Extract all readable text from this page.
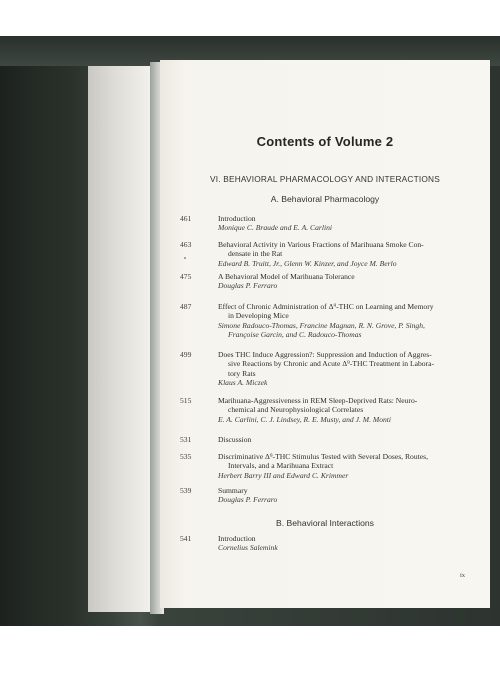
Contents of Volume 2
VI. BEHAVIORAL PHARMACOLOGY AND INTERACTIONS
A. Behavioral Pharmacology
461	Introduction
Monique C. Braude and E. A. Carlini
463	Behavioral Activity in Various Fractions of Marihuana Smoke Con-
densate in the Rat
Edward B. Truitt, Jr., Glenn W. Kinzer, and Joyce M. Berlo
475	A Behavioral Model of Marihuana Tolerance
Douglas P. Ferraro
487	Effect of Chronic Administration of Δ⁹-THC on Learning and Memory
in Developing Mice
Simone Radouco-Thomas, Francine Magnan, R. N. Grove, P. Singh,
Françoise Garcin, and C. Radouco-Thomas
499	Does THC Induce Aggression?: Suppression and Induction of Aggres-
sive Reactions by Chronic and Acute Δ⁹-THC Treatment in Labora-
tory Rats
Klaus A. Miczek
515	Marihuana-Aggressiveness in REM Sleep-Deprived Rats: Neuro-
chemical and Neurophysiological Correlates
E. A. Carlini, C. J. Lindsey, R. E. Musty, and J. M. Monti
531	Discussion
535	Discriminative Δ⁹-THC Stimulus Tested with Several Doses, Routes,
Intervals, and a Marihuana Extract
Herbert Barry III and Edward C. Krimmer
539	Summary
Douglas P. Ferraro
B. Behavioral Interactions
541	Introduction
Cornelius Salemink
ix
